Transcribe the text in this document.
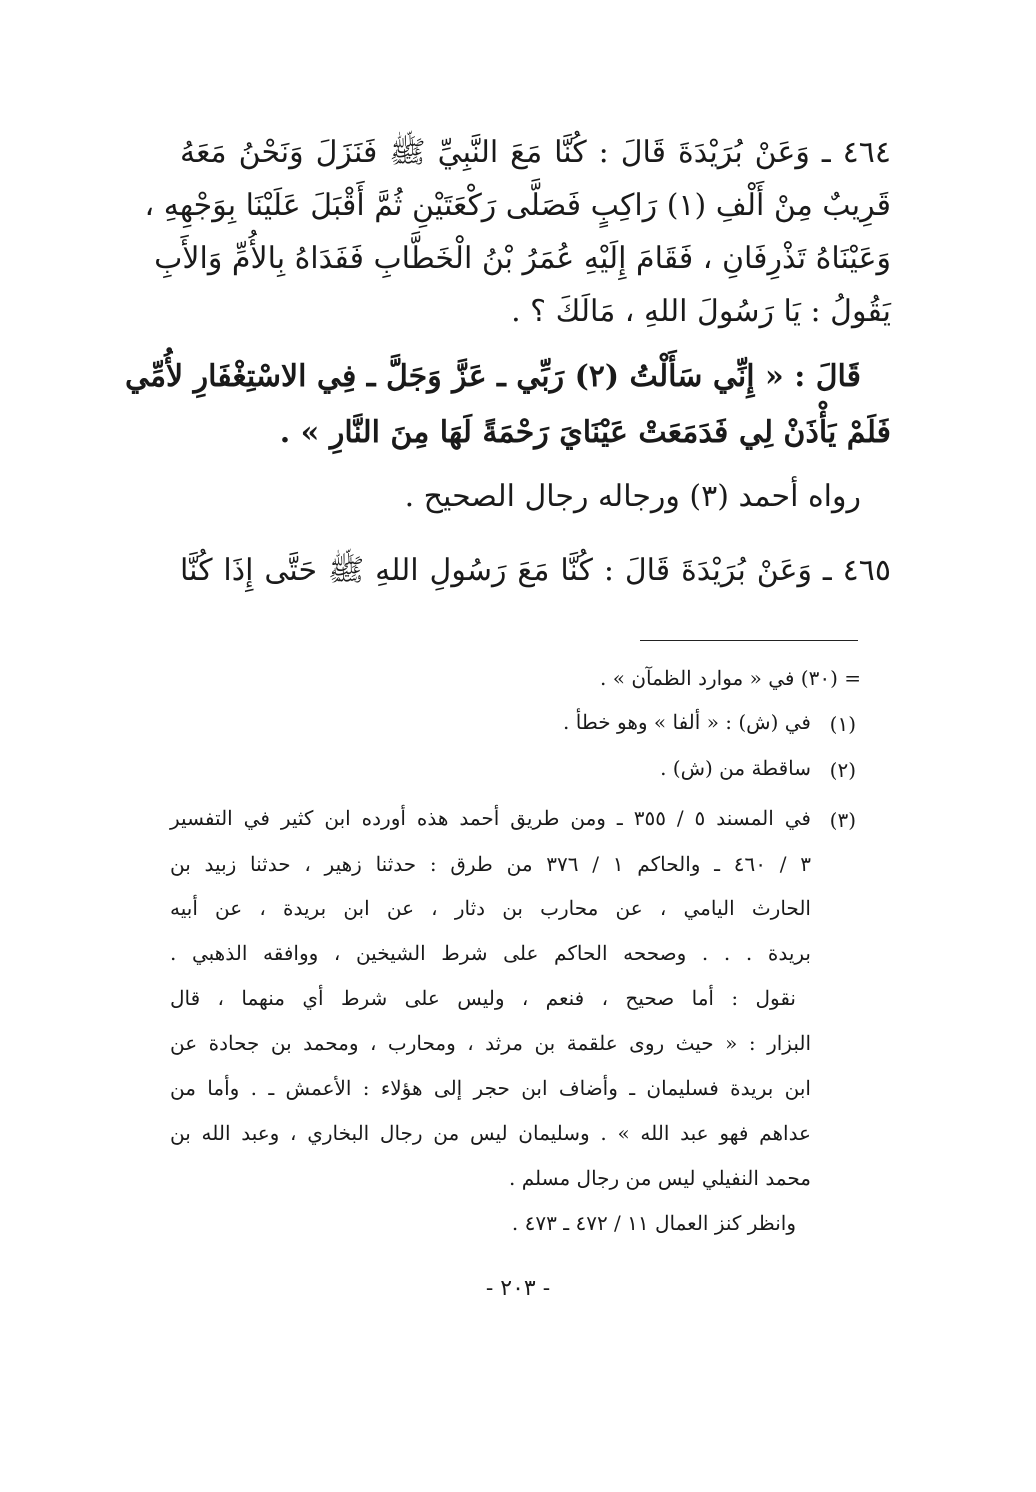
٤٦٤ ـ وَعَنْ بُرَيْدَةَ قَالَ : كُنَّا مَعَ النَّبِيِّ ﷺ فَنَزَلَ وَنَحْنُ مَعَهُ
قَرِيبٌ مِنْ أَلْفِ (١) رَاكِبٍ فَصَلَّى رَكْعَتَيْنِ ثُمَّ أَقْبَلَ عَلَيْنَا بِوَجْهِهِ ،
وَعَيْنَاهُ تَذْرِفَانِ ، فَقَامَ إِلَيْهِ عُمَرُ بْنُ الْخَطَّابِ فَفَدَاهُ بِالأُمِّ وَالأَبِ
يَقُولُ : يَا رَسُولَ اللهِ ، مَالَكَ ؟ .
قَالَ : « إِنِّي سَأَلْتُ (٢) رَبِّي ـ عَزَّ وَجَلَّ ـ فِي الاسْتِغْفَارِ لأُمِّي
فَلَمْ يَأْذَنْ لِي فَدَمَعَتْ عَيْنَايَ رَحْمَةً لَهَا مِنَ النَّارِ » .
رواه أحمد (٣) ورجاله رجال الصحيح .
٤٦٥ ـ وَعَنْ بُرَيْدَةَ قَالَ : كُنَّا مَعَ رَسُولِ اللهِ ﷺ حَتَّى إِذَا كُنَّا
= (٣٠) في « موارد الظمآن » .
(١)
في (ش) : « ألفا » وهو خطأ .
(٢)
ساقطة من (ش) .
(٣)
في المسند ٥ / ٣٥٥ ـ ومن طريق أحمد هذه أورده ابن كثير في التفسير
٣ / ٤٦٠ ـ والحاكم ١ / ٣٧٦ من طرق : حدثنا زهير ، حدثنا زبيد بن
الحارث اليامي ، عن محارب بن دثار ، عن ابن بريدة ، عن أبيه
بريدة . . . وصححه الحاكم على شرط الشيخين ، ووافقه الذهبي .
نقول : أما صحيح ، فنعم ، وليس على شرط أي منهما ، قال
البزار : « حيث روى علقمة بن مرثد ، ومحارب ، ومحمد بن جحادة عن
ابن بريدة فسليمان ـ وأضاف ابن حجر إلى هؤلاء : الأعمش ـ . وأما من
عداهم فهو عبد الله » . وسليمان ليس من رجال البخاري ، وعبد الله بن
محمد النفيلي ليس من رجال مسلم .
وانظر كنز العمال ١١ / ٤٧٢ ـ ٤٧٣ .
- ٢٠٣ -
